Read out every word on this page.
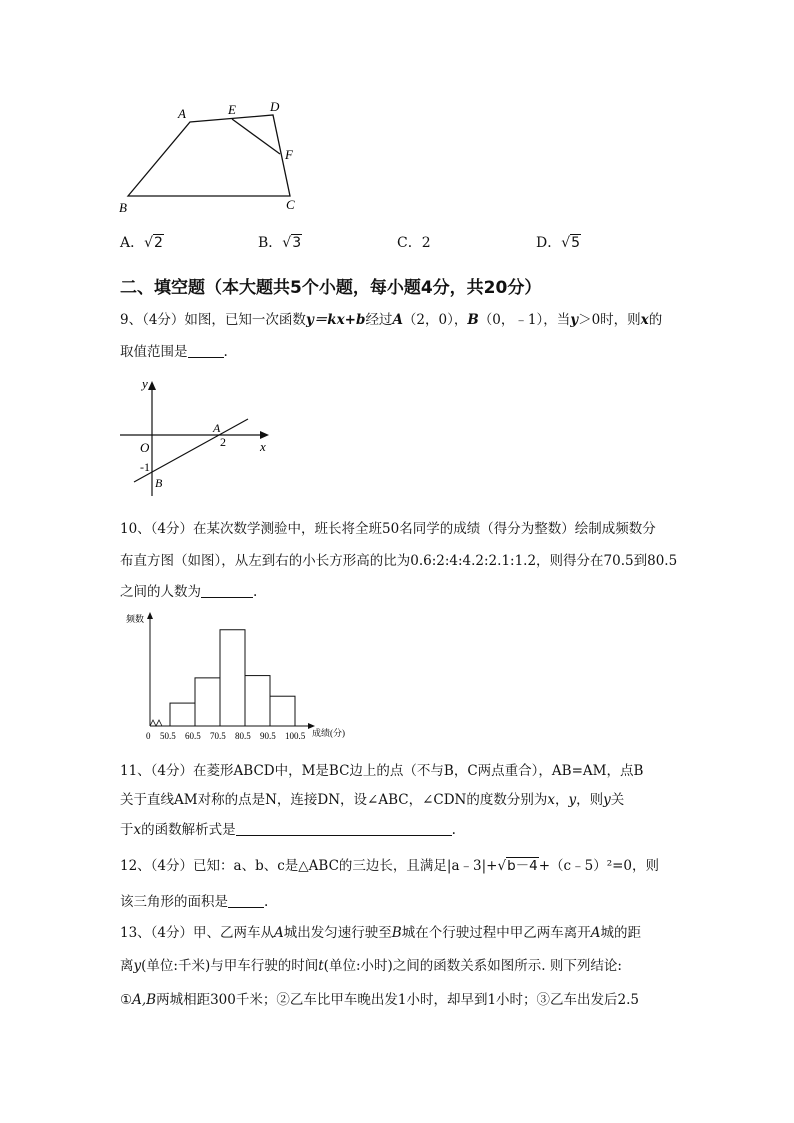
A	E	D
F
B	C
A．√2	B．√3	C．2	D．√5
二、填空题（本大题共5个小题，每小题4分，共20分）
9、（4分）如图，已知一次函数y＝kx+b经过A（2，0），B（0，﹣1），当y＞0时，则x的
取值范围是	.
y
x
O
A
2
-1
B
10、（4分）在某次数学测验中，班长将全班50名同学的成绩（得分为整数）绘制成频数分
布直方图（如图），从左到右的小长方形高的比为0.6:2:4:4.2:2.1:1.2，则得分在70.5到80.5
之间的人数为	.
频数
0	成绩(分)
50.5 60.5 70.5 80.5 90.5 100.5
11、（4分）在菱形ABCD中，M是BC边上的点（不与B，C两点重合），AB=AM，点B
关于直线AM对称的点是N，连接DN，设∠ABC，∠CDN的度数分别为x，y，则y关
于x的函数解析式是	.
12、（4分）已知：a、b、c是△ABC的三边长，且满足|a﹣3|+√b－4+（c﹣5）²=0，则
该三角形的面积是	.
13、（4分）甲、乙两车从A城出发匀速行驶至B城在个行驶过程中甲乙两车离开A城的距
离y(单位:千米)与甲车行驶的时间t(单位:小时)之间的函数关系如图所示. 则下列结论:
①A,B两城相距300千米；②乙车比甲车晚出发1小时，却早到1小时；③乙车出发后2.5
